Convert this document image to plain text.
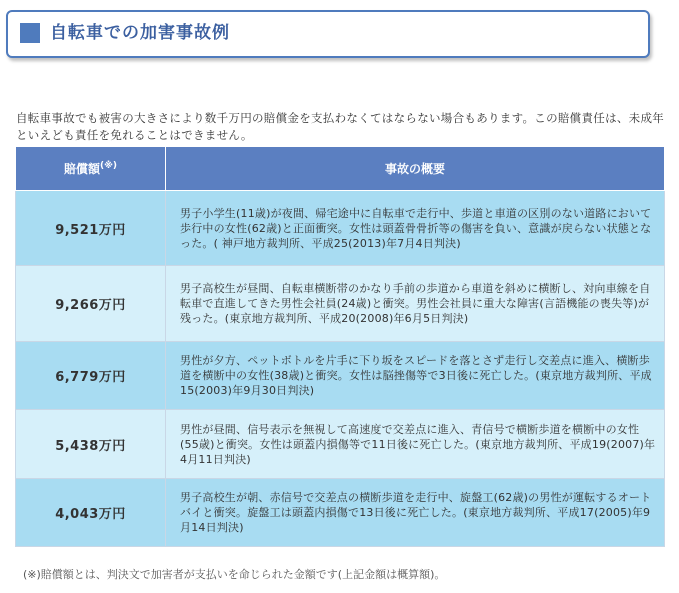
自転車での加害事故例

自転車事故でも被害の大きさにより数千万円の賠償金を支払わなくてはならない場合もあります。この賠償責任は、未成年といえども責任を免れることはできません。

賠償額(※)	事故の概要
9,521万円	男子小学生(11歳)が夜間、帰宅途中に自転車で走行中、歩道と車道の区別のない道路において歩行中の女性(62歳)と正面衝突。女性は頭蓋骨骨折等の傷害を負い、意識が戻らない状態となった。( 神戸地方裁判所、平成25(2013)年7月4日判決)
9,266万円	男子高校生が昼間、自転車横断帯のかなり手前の歩道から車道を斜めに横断し、対向車線を自転車で直進してきた男性会社員(24歳)と衝突。男性会社員に重大な障害(言語機能の喪失等)が残った。(東京地方裁判所、平成20(2008)年6月5日判決)
6,779万円	男性が夕方、ペットボトルを片手に下り坂をスピードを落とさず走行し交差点に進入、横断歩道を横断中の女性(38歳)と衝突。女性は脳挫傷等で3日後に死亡した。(東京地方裁判所、平成15(2003)年9月30日判決)
5,438万円	男性が昼間、信号表示を無視して高速度で交差点に進入、青信号で横断歩道を横断中の女性(55歳)と衝突。女性は頭蓋内損傷等で11日後に死亡した。(東京地方裁判所、平成19(2007)年4月11日判決)
4,043万円	男子高校生が朝、赤信号で交差点の横断歩道を走行中、旋盤工(62歳)の男性が運転するオートバイと衝突。旋盤工は頭蓋内損傷で13日後に死亡した。(東京地方裁判所、平成17(2005)年9月14日判決)
(※)賠償額とは、判決文で加害者が支払いを命じられた金額です(上記金額は概算額)。
